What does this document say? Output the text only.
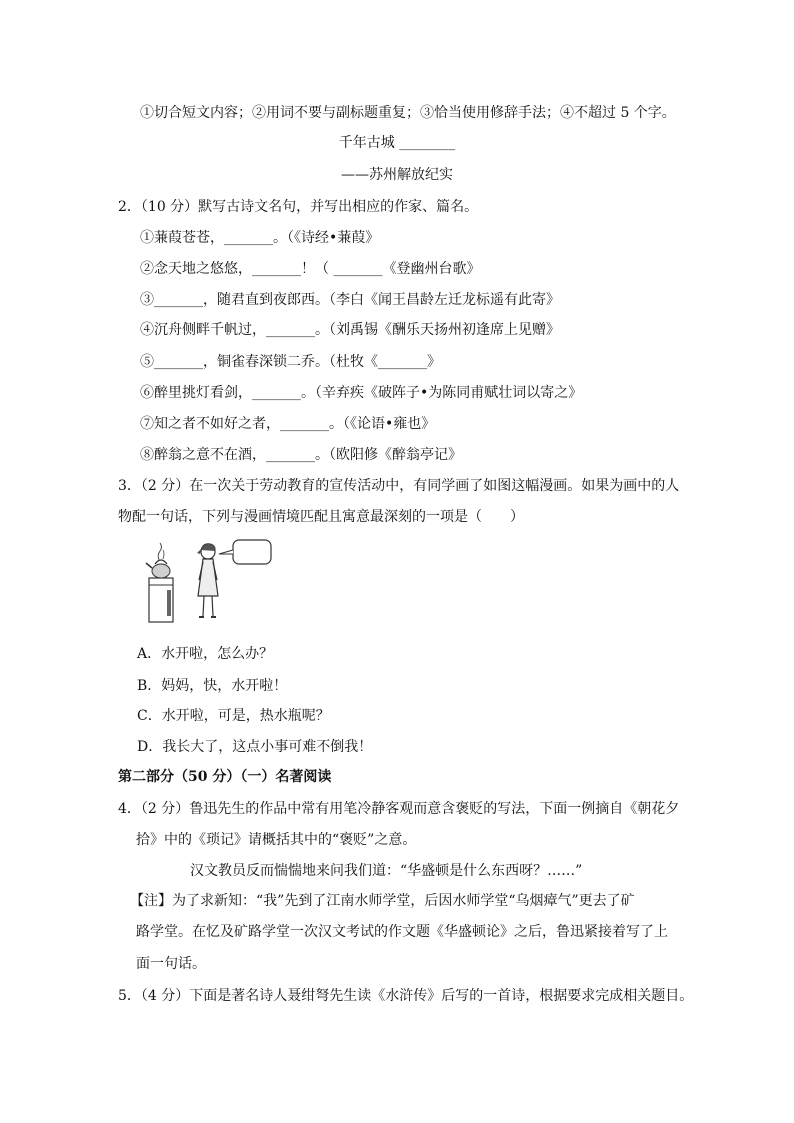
①切合短文内容；②用词不要与副标题重复；③恰当使用修辞手法；④不超过 5 个字。
千年古城 ________
——苏州解放纪实
2．（10 分）默写古诗文名句，并写出相应的作家、篇名。
①蒹葭苍苍，_______。（《诗经•蒹葭》
②念天地之悠悠，_______！（ _______《登幽州台歌》
③_______，随君直到夜郎西。（李白《闻王昌龄左迁龙标遥有此寄》
④沉舟侧畔千帆过，_______。（刘禹锡《酬乐天扬州初逢席上见赠》
⑤_______，铜雀春深锁二乔。（杜牧《_______》
⑥醉里挑灯看剑，_______。（辛弃疾《破阵子•为陈同甫赋壮词以寄之》
⑦知之者不如好之者，_______。（《论语•雍也》
⑧醉翁之意不在酒，_______。（欧阳修《醉翁亭记》
3．（2 分）在一次关于劳动教育的宣传活动中，有同学画了如图这幅漫画。如果为画中的人
物配一句话，下列与漫画情境匹配且寓意最深刻的一项是（　　）
A．水开啦，怎么办？
B．妈妈，快，水开啦！
C．水开啦，可是，热水瓶呢？
D．我长大了，这点小事可难不倒我！
第二部分（50 分）（一）名著阅读
4．（2 分）鲁迅先生的作品中常有用笔冷静客观而意含褒贬的写法，下面一例摘自《朝花夕
拾》中的《琐记》请概括其中的“褒贬”之意。
汉文教员反而惴惴地来问我们道：“华盛顿是什么东西呀？……”
【注】为了求新知：“我”先到了江南水师学堂，后因水师学堂“乌烟瘴气”更去了矿
路学堂。在忆及矿路学堂一次汉文考试的作文题《华盛顿论》之后，鲁迅紧接着写了上
面一句话。
5．（4 分）下面是著名诗人聂绀弩先生读《水浒传》后写的一首诗，根据要求完成相关题目。
